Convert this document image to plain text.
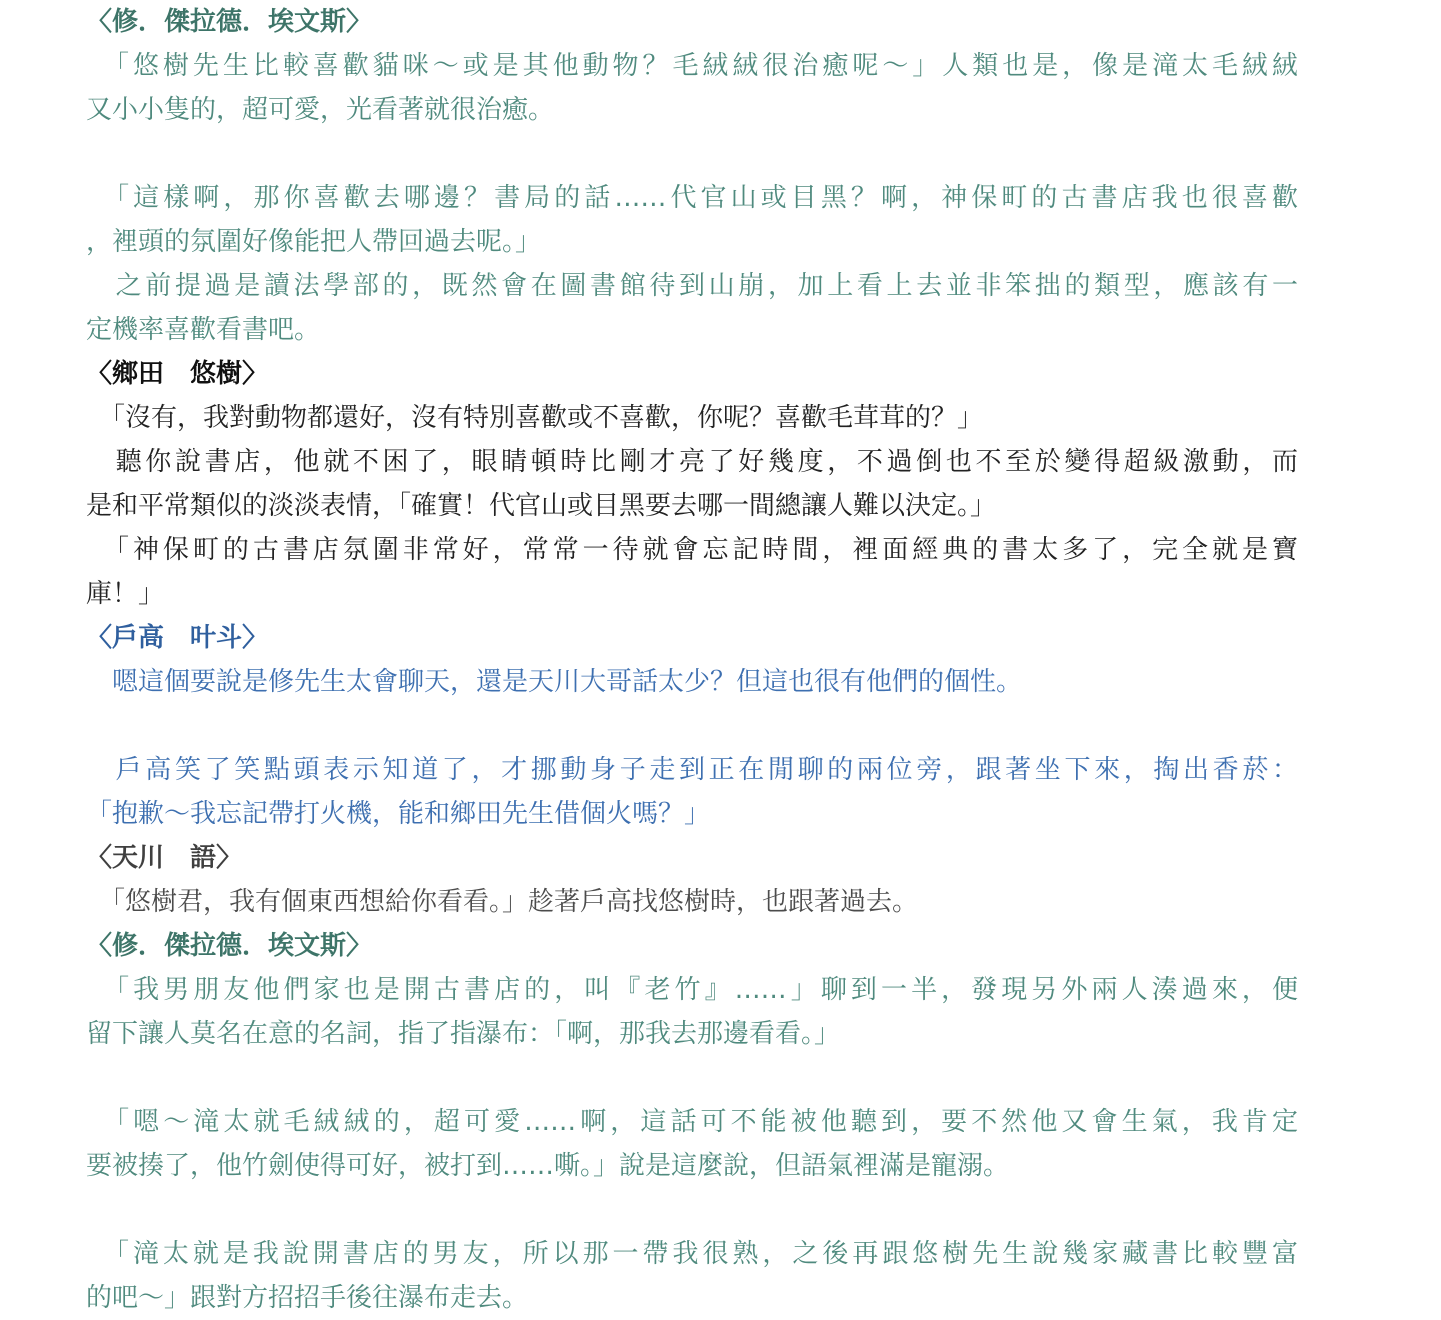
〈修．傑拉德．埃文斯〉
　「悠樹先生比較喜歡貓咪～或是其他動物？毛絨絨很治癒呢～」人類也是，像是滝太毛絨絨
又小小隻的，超可愛，光看著就很治癒。
　「這樣啊，那你喜歡去哪邊？書局的話……代官山或目黑？啊，神保町的古書店我也很喜歡
，裡頭的氛圍好像能把人帶回過去呢。」
　之前提過是讀法學部的，既然會在圖書館待到山崩，加上看上去並非笨拙的類型，應該有一
定機率喜歡看書吧。
〈鄉田　悠樹〉
　「沒有，我對動物都還好，沒有特別喜歡或不喜歡，你呢？喜歡毛茸茸的？」
　聽你說書店，他就不困了，眼睛頓時比剛才亮了好幾度，不過倒也不至於變得超級激動，而
是和平常類似的淡淡表情，「確實！代官山或目黑要去哪一間總讓人難以決定。」
　「神保町的古書店氛圍非常好，常常一待就會忘記時間，裡面經典的書太多了，完全就是寶
庫！」
〈戶高　叶斗〉
　嗯這個要說是修先生太會聊天，還是天川大哥話太少？但這也很有他們的個性。
　戶高笑了笑點頭表示知道了，才挪動身子走到正在閒聊的兩位旁，跟著坐下來，掏出香菸：
「抱歉～我忘記帶打火機，能和鄉田先生借個火嗎？」
〈天川　語〉
　「悠樹君，我有個東西想給你看看。」趁著戶高找悠樹時，也跟著過去。
〈修．傑拉德．埃文斯〉
　「我男朋友他們家也是開古書店的，叫『老竹』……」聊到一半，發現另外兩人湊過來，便
留下讓人莫名在意的名詞，指了指瀑布：「啊，那我去那邊看看。」
　「嗯～滝太就毛絨絨的，超可愛……啊，這話可不能被他聽到，要不然他又會生氣，我肯定
要被揍了，他竹劍使得可好，被打到……嘶。」說是這麼說，但語氣裡滿是寵溺。
　「滝太就是我說開書店的男友，所以那一帶我很熟，之後再跟悠樹先生說幾家藏書比較豐富
的吧～」跟對方招招手後往瀑布走去。
